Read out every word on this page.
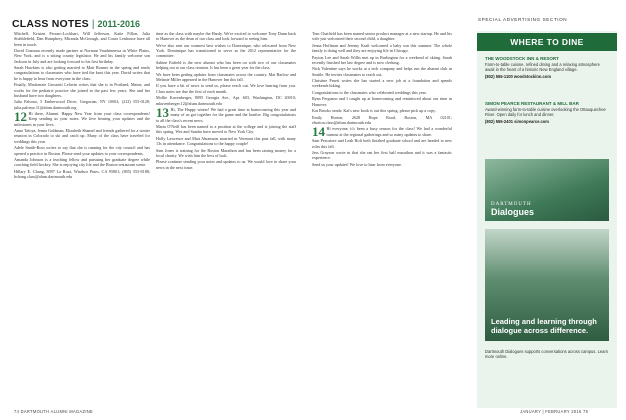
CLASS NOTES | 2011-2016	SPECIAL ADVERTISING SECTION

Mitchell, Kristen Ferraro-Lockhart, Will Jefferson, Katie Fillon, Julia Stubblefield, Dan Humphrey, Miranda McGeough, and Conor Lenhouse have all been in touch.

David Guzman recently made partner at Norman Vaudrinenwa in White Plains, New York, and is a sitting county legislator. He and his family welcome son Jackson in July and are looking forward to his first birthday.

Sarah Hawkins is also getting married to Matt Bonner in the spring and sends congratulations to classmates who have tied the knot this year. David writes that he is happy to hear from everyone in the class.

Finally, Mackenzie Grossetti Lefavin writes that she is in Portland, Maine, and works for the pediatric practice she joined in the past few years. She and her husband have two daughters.

Julia Palomo, 5 Emberwood Drive, Gregorian, NY 10002; (212) 555-0128; julia.palomo.11@alum.dartmouth.org

12 Hi there, Alumni. Happy New Year from your class correspondents! Keep sending us your notes. We love hearing your updates and the milestones in your lives.

Anna Tafoya, Jenna Goldman, Elizabeth Shamel and friends gathered for a winter reunion in Colorado to ski and catch up. Many of the class have traveled for weddings this year.

Adele Smith-Ross writes to say that she is running for the city council and has opened a practice in Boston. Please send your updates to your correspondents.

Amanda Johnson is a teaching fellow and pursuing her graduate degree while coaching field hockey. She is enjoying city life and the Boston restaurant scene.

Hillary E. Chang, 8097 La Rosa, Windsor Pines, CA 95801; (805) 555-8188; hchang.class@alum.dartmouth.edu

time as the class with maybe the Hardy. We're excited to welcome Tony Dunn back to Hanover as the dean of our class and look forward to seeing him.

We've also sent our warmest best wishes to Dominique, who relocated from New York. Dominique has transitioned to serve as the 2012 representative for the committee.

Sabine Enfield is the new alumni who has been on with two of our classmates helping out at our class reunion. It has been a great year for the class.

We have been getting updates from classmates across the country. Mat Barlow and Melanie Miller appeared in the Hanover Inn this fall.

If you have a bit of news to send us, please reach out. We love hearing from you. Class notes are due the first of each month.

Mollie Kuvenberger, 8095 Georgia Ave., Apt. 603, Washington, DC 20010; mkuvenberger.12@alum.dartmouth.edu

13 Hi, The Happy winter! We had a great time at homecoming this year and many of us got together for the game and the bonfire. Big congratulations to all the class's recent news.

Maria O'Neill has been named to a position at the college and is joining the staff this spring. Wes and Sandra have moved to New York City.

Holly Lawrence and Matt Abramson married in Vermont this past fall, with many 13s in attendance. Congratulations to the happy couple!

Sam Jones is training for the Boston Marathon and has been raising money for a local charity. We wish him the best of luck.

Please continue sending your notes and updates to us. We would love to share your news in the next issue.

Tom Chatfield has been named senior product manager at a new startup. He and his wife just welcomed their second child, a daughter.

Jenna Hoffman and Jeremy Kraft welcomed a baby son this summer. The whole family is doing well and they are enjoying life in Chicago.

Payton Lee and Sarah Willis met up in Burlington for a weekend of skiing. Sarah recently finished her law degree and is now clerking.

Nick Valentine says he works at a tech company and helps run the alumni club in Seattle. He invites classmates to reach out.

Christine Pruett writes she has started a new job at a foundation and spends weekends hiking.

Congratulations to the classmates who celebrated weddings this year.

Ryan Ferguson and I caught up at homecoming and reminisced about our time in Hanover.

Kat Brooks sends: Kat's new book is out this spring, please pick up a copy.

Emily Horton, 2628 Hope Road, Boston, MA 02101; ehorton.class@alum.dartmouth.edu

14 Hi everyone, it's been a busy season for the class! We had a wonderful turnout at the regional gatherings and so many updates to share.

Sam Pescatore and Leah Holt both finished graduate school and are headed to new roles this fall.

Jess Grayson wrote in that she ran her first half marathon and it was a fantastic experience.

Send us your updates! We love to hear from everyone.

WHERE TO DINE
THE WOODSTOCK INN & RESORT
Farm-to-table cuisine, refined dining and a relaxing atmosphere await in the heart of a historic New England village.
(802) 555-1100 woodstockinn.com
SIMON PEARCE RESTAURANT & MILL BAR
Award-winning farm-to-table cuisine overlooking the Ottauquechee River. Open daily for lunch and dinner.
(802) 555-2401 simonpearce.com
DARTMOUTH
Dialogues
Leading and learning through dialogue across difference.
Dartmouth Dialogues supports conversations across campus. Learn more online.
74 DARTMOUTH ALUMNI MAGAZINE	JANUARY | FEBRUARY 2016 75
